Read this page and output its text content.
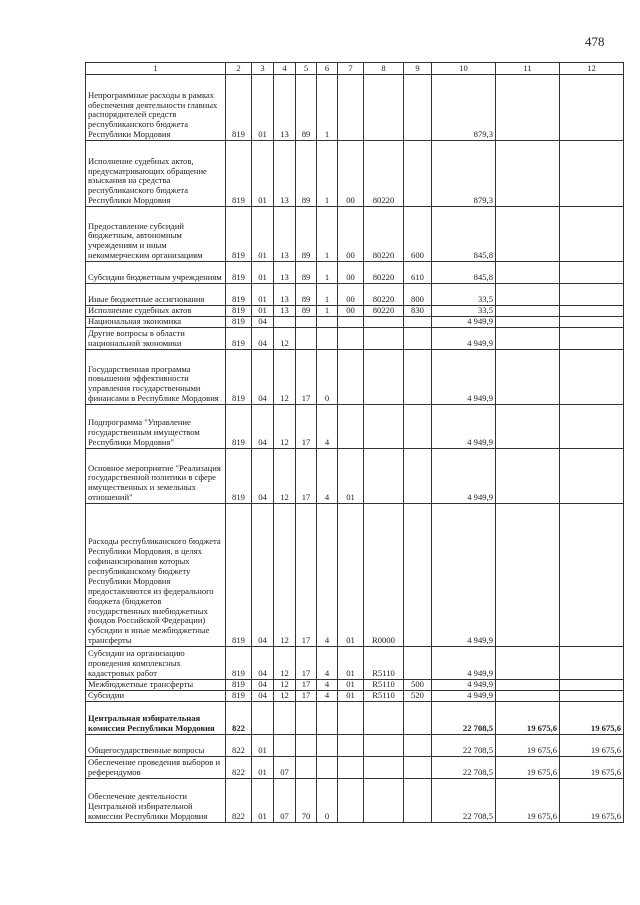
478
1	2	3	4	5	6	7	8	9	10	11	12
Непрограммные расходы в рамках обеспечения деятельности главных распорядителей средств республиканского бюджета Республики Мордовия	819	01	13	89	1				879,3		
Исполнение судебных актов, предусматривающих обращение взыскания на средства республиканского бюджета Республики Мордовия	819	01	13	89	1	00	80220		879,3		
Предоставление субсидий бюджетным, автономным учреждениям и иным некоммерческим организациям	819	01	13	89	1	00	80220	600	845,8		
Субсидии бюджетным учреждениям	819	01	13	89	1	00	80220	610	845,8		
Иные бюджетные ассигнования	819	01	13	89	1	00	80220	800	33,5		
Исполнение судебных актов	819	01	13	89	1	00	80220	830	33,5		
Национальная экономика	819	04							4 949,9		
Другие вопросы в области национальной экономики	819	04	12						4 949,9		
Государственная программа повышения эффективности управления государственными финансами в Республике Мордовия	819	04	12	17	0				4 949,9		
Подпрограмма "Управление государственным имуществом Республики Мордовия"	819	04	12	17	4				4 949,9		
Основное мероприятие "Реализация государственной политики в сфере имущественных и земельных отношений"	819	04	12	17	4	01			4 949,9		
Расходы республиканского бюджета Республики Мордовия, в целях софинансирования которых республиканскому бюджету Республики Мордовия предоставляются из федерального бюджета (бюджетов государственных внебюджетных фондов Российской Федерации) субсидии и иные межбюджетные трансферты	819	04	12	17	4	01	R0000		4 949,9		
Субсидии на организацию проведения комплексных кадастровых работ	819	04	12	17	4	01	R5110		4 949,9		
Межбюджетные трансферты	819	04	12	17	4	01	R5110	500	4 949,9		
Субсидии	819	04	12	17	4	01	R5110	520	4 949,9		
Центральная избирательная комиссия Республики Мордовия	822								22 708,5	19 675,6	19 675,6
Общегосударственные вопросы	822	01							22 708,5	19 675,6	19 675,6
Обеспечение проведения выборов и референдумов	822	01	07						22 708,5	19 675,6	19 675,6
Обеспечение деятельности Центральной избирательной комиссии Республики Мордовия	822	01	07	70	0				22 708,5	19 675,6	19 675,6
